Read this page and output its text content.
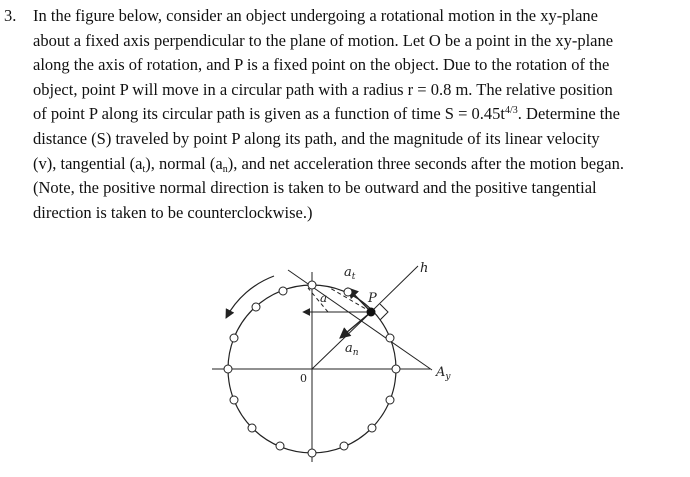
3.	In the figure below, consider an object undergoing a rotational motion in the xy-plane
about a fixed axis perpendicular to the plane of motion. Let O be a point in the xy-plane
along the axis of rotation, and P is a fixed point on the object. Due to the rotation of the
object, point P will move in a circular path with a radius r = 0.8 m. The relative position
of point P along its circular path is given as a function of time $S = 0.45t^{4/3}$. Determine the
distance (S) traveled by point P along its path, and the magnitude of its linear velocity
(v), tangential $(a_t)$, normal $(a_n)$, and net acceleration three seconds after the motion began.
(Note, the positive normal direction is taken to be outward and the positive tangential
direction is taken to be counterclockwise.)
$a_t$
a	P
$a_n$
h
$A_y$
0
